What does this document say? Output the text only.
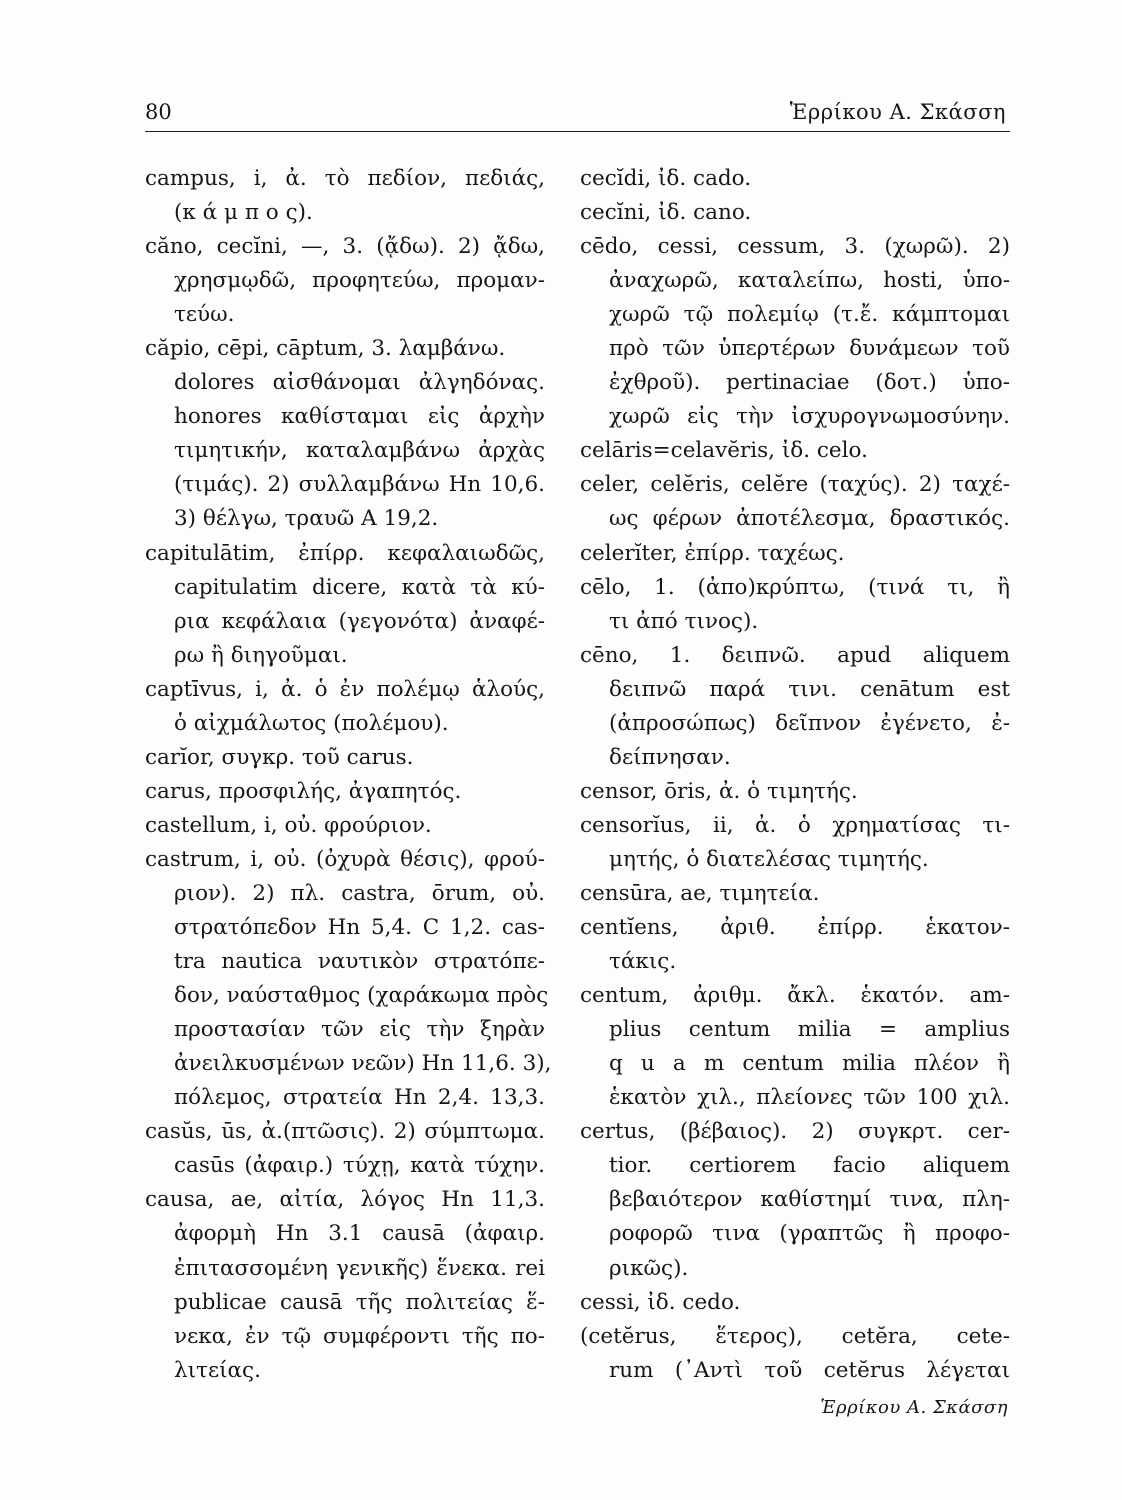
80	Ἑρρίκου Α. Σκάσση
campus, i, ἀ. τὸ πεδίον, πεδιάς,
(κ ά μ π ο ς).
căno, cecĭni, —, 3. (ᾄδω). 2) ᾄδω,
χρησμῳδῶ, προφητεύω, προμαν-
τεύω.
căpio, cēpi, cāptum, 3. λαμβάνω.
dolores αἰσθάνομαι ἀλγηδόνας.
honores καθίσταμαι εἰς ἀρχὴν
τιμητικήν, καταλαμβάνω ἀρχὰς
(τιμάς). 2) συλλαμβάνω Hn 10,6.
3) θέλγω, τραυῶ A 19,2.
capitulātim, ἐπίρρ. κεφαλαιωδῶς,
capitulatim dicere, κατὰ τὰ κύ-
ρια κεφάλαια (γεγονότα) ἀναφέ-
ρω ἢ διηγοῦμαι.
captīvus, i, ἀ. ὁ ἐν πολέμῳ ἁλούς,
ὁ αἰχμάλωτος (πολέμου).
carĭor, συγκρ. τοῦ carus.
carus, προσφιλής, ἀγαπητός.
castellum, i, οὐ. φρούριον.
castrum, i, οὐ. (ὀχυρὰ θέσις), φρού-
ριον). 2) πλ. castra, ōrum, οὐ.
στρατόπεδον Hn 5,4. C 1,2. cas-
tra nautica ναυτικὸν στρατόπε-
δον, ναύσταθμος (χαράκωμα πρὸς
προστασίαν τῶν εἰς τὴν ξηρὰν
ἀνειλκυσμένων νεῶν) Hn 11,6. 3),
πόλεμος, στρατεία Hn 2,4. 13,3.
casŭs, ūs, ἀ.(πτῶσις). 2) σύμπτωμα.
casūs (ἀφαιρ.) τύχῃ, κατὰ τύχην.
causa, ae, αἰτία, λόγος Hn 11,3.
ἀφορμὴ Hn 3.1 causā (ἀφαιρ.
ἐπιτασσομένη γενικῆς) ἕνεκα. rei
publicae causā τῆς πολιτείας ἕ-
νεκα, ἐν τῷ συμφέροντι τῆς πο-
λιτείας.
cecĭdi, ἰδ. cado.
cecĭni, ἰδ. cano.
cēdo, cessi, cessum, 3. (χωρῶ). 2)
ἀναχωρῶ, καταλείπω, hosti, ὑπο-
χωρῶ τῷ πολεμίῳ (τ.ἔ. κάμπτομαι
πρὸ τῶν ὑπερτέρων δυνάμεων τοῦ
ἐχθροῦ). pertinaciae (δοτ.) ὑπο-
χωρῶ εἰς τὴν ἰσχυρογνωμοσύνην.
celāris=celavĕris, ἰδ. celo.
celer, celĕris, celĕre (ταχύς). 2) ταχέ-
ως φέρων ἀποτέλεσμα, δραστικός.
celerĭter, ἐπίρρ. ταχέως.
cēlo, 1. (ἀπο)κρύπτω, (τινά τι, ἢ
τι ἀπό τινος).
cēno, 1. δειπνῶ. apud aliquem
δειπνῶ παρά τινι. cenātum est
(ἀπροσώπως) δεῖπνον ἐγένετο, ἐ-
δείπνησαν.
censor, ōris, ἀ. ὁ τιμητής.
censorĭus, ii, ἀ. ὁ χρηματίσας τι-
μητής, ὁ διατελέσας τιμητής.
censūra, ae, τιμητεία.
centĭens, ἀριθ. ἐπίρρ. ἑκατον-
τάκις.
centum, ἀριθμ. ἄκλ. ἑκατόν. am-
plius centum milia = amplius
q u a m centum milia πλέον ἢ
ἑκατὸν χιλ., πλείονες τῶν 100 χιλ.
certus, (βέβαιος). 2) συγκρτ. cer-
tior. certiorem facio aliquem
βεβαιότερον καθίστημί τινα, πλη-
ροφορῶ τινα (γραπτῶς ἢ προφο-
ρικῶς).
cessi, ἰδ. cedo.
(cetĕrus, ἕτερος), cetĕra, cete-
rum (᾿Αντὶ τοῦ cetĕrus λέγεται
Ἑρρίκου Α. Σκάσση
